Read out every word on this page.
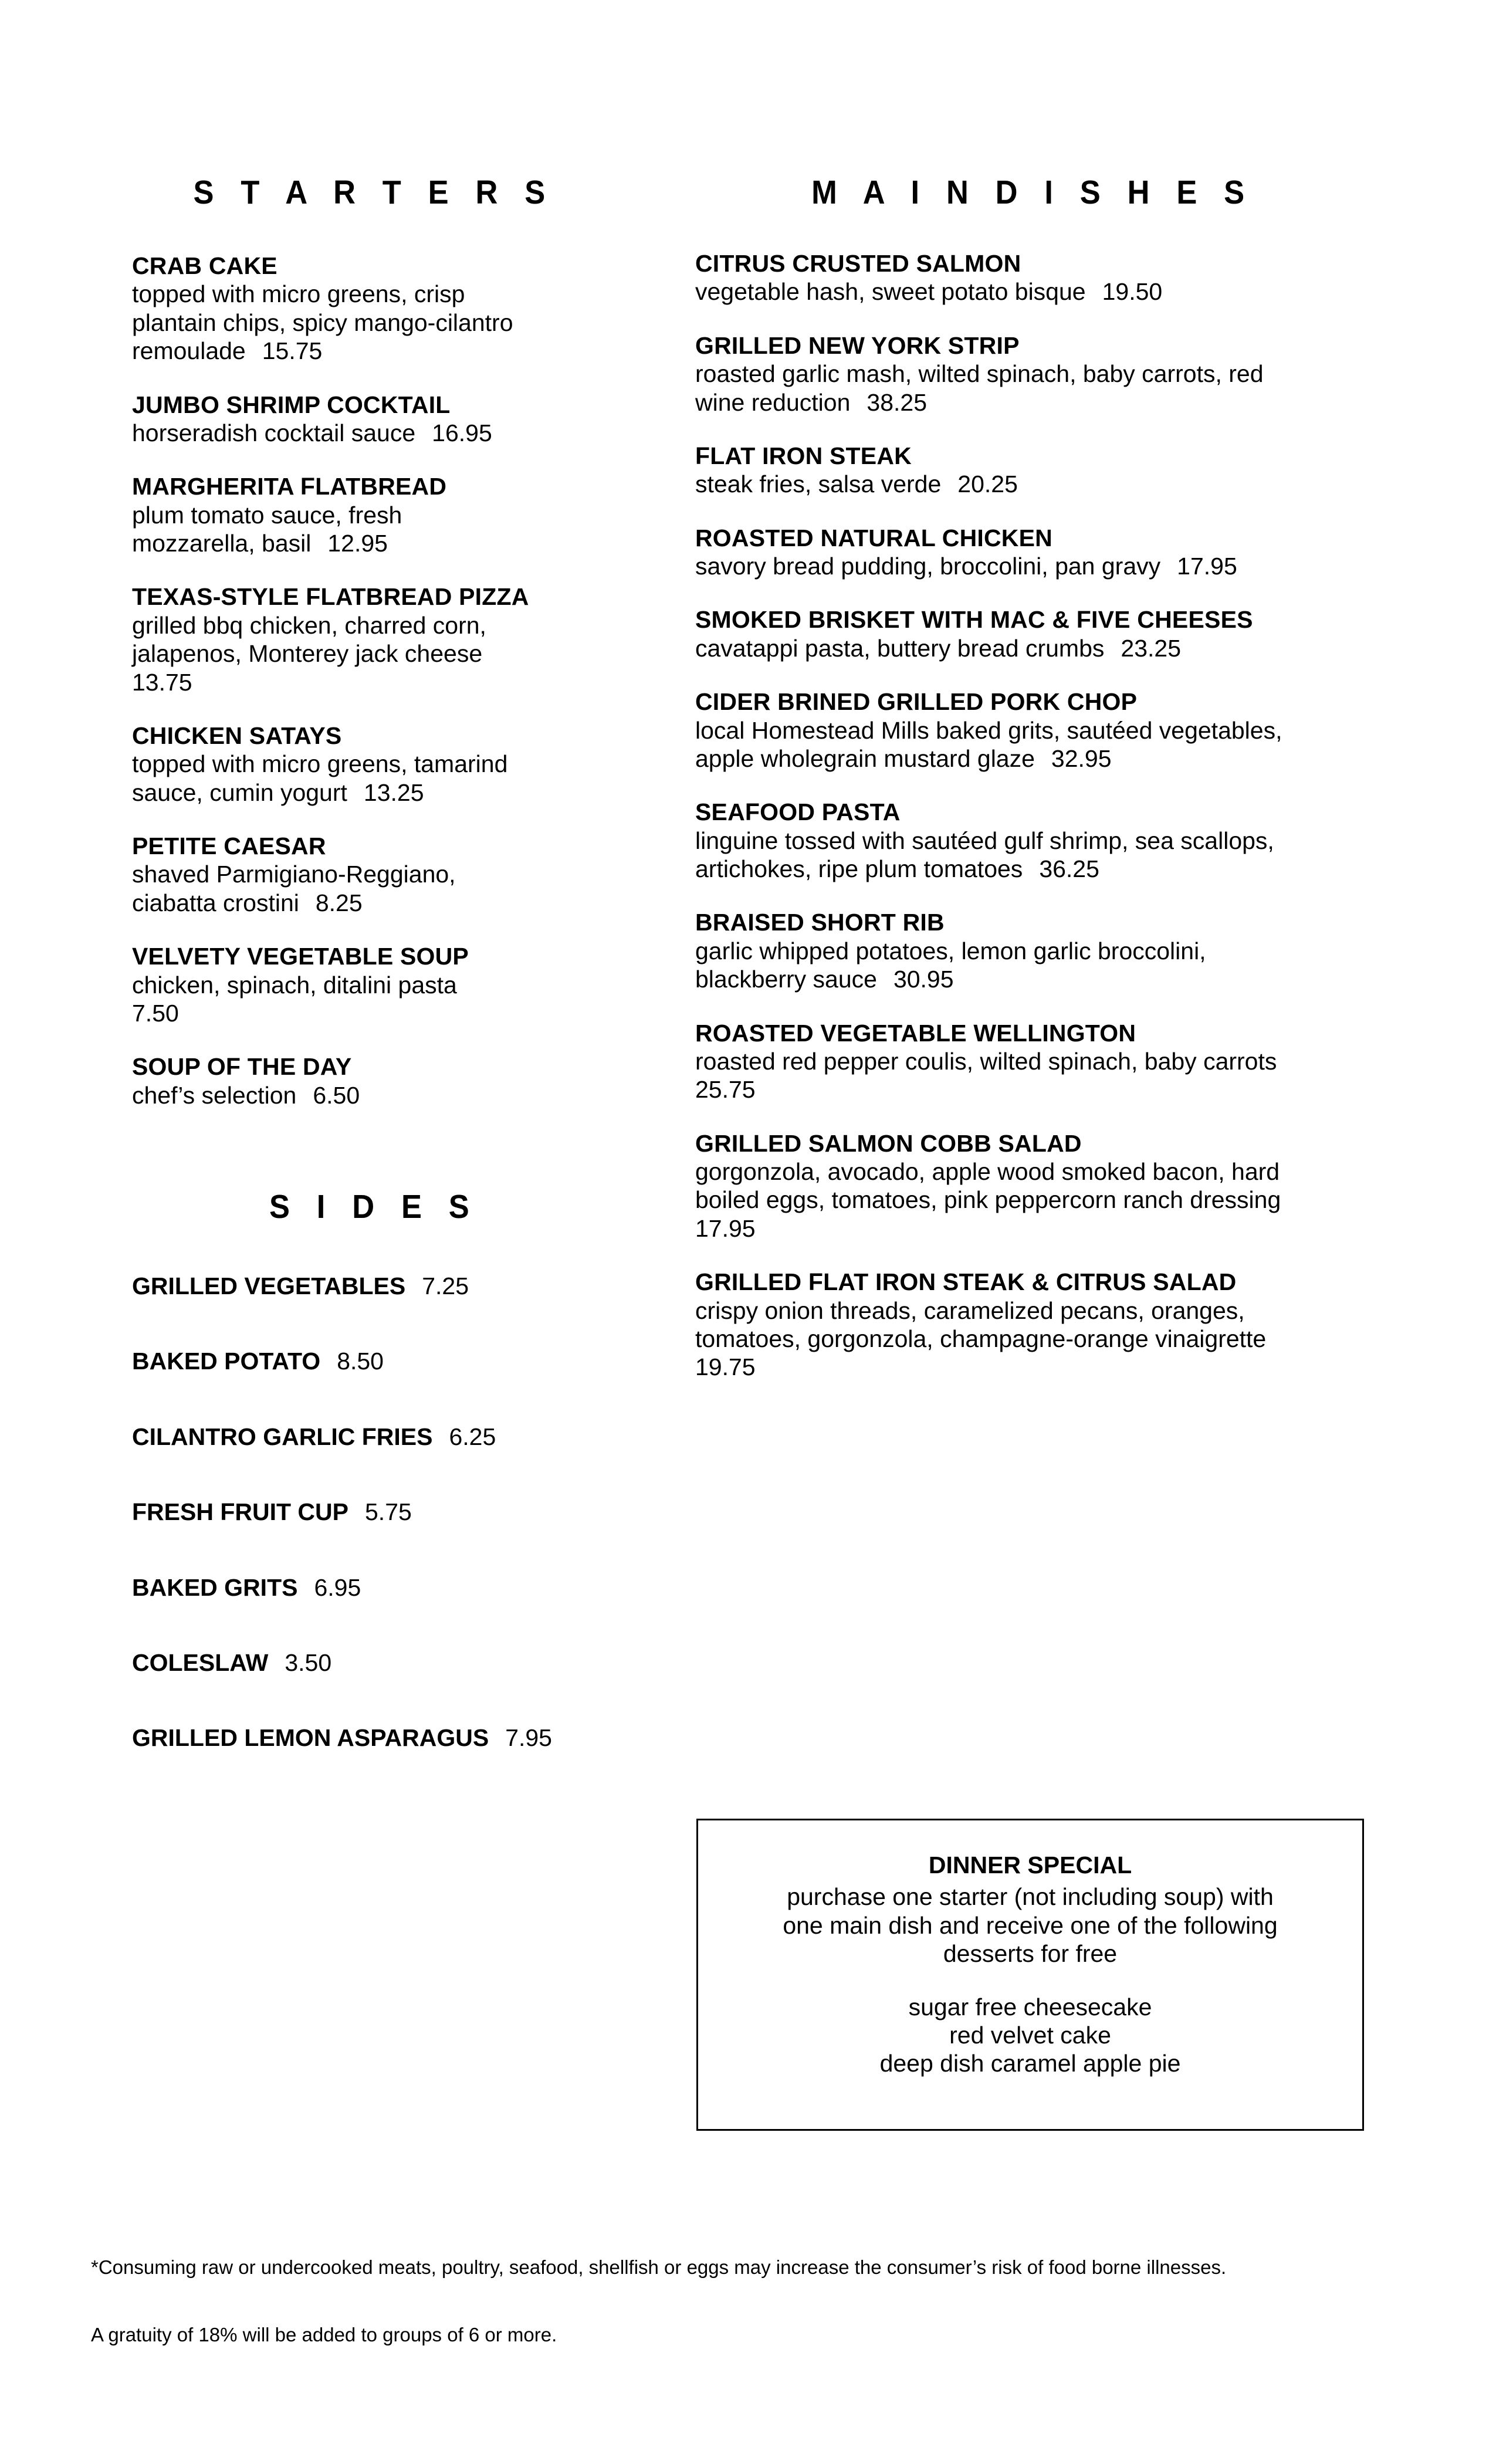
S T A R T E R S
CRAB CAKE
topped with micro greens, crisp
plantain chips, spicy mango-cilantro
remoulade 15.75
JUMBO SHRIMP COCKTAIL
horseradish cocktail sauce 16.95
MARGHERITA FLATBREAD
plum tomato sauce, fresh
mozzarella, basil 12.95
TEXAS-STYLE FLATBREAD PIZZA
grilled bbq chicken, charred corn,
jalapenos, Monterey jack cheese
13.75
CHICKEN SATAYS
topped with micro greens, tamarind
sauce, cumin yogurt 13.25
PETITE CAESAR
shaved Parmigiano-Reggiano,
ciabatta crostini 8.25
VELVETY VEGETABLE SOUP
chicken, spinach, ditalini pasta
7.50
SOUP OF THE DAY
chef’s selection 6.50
S I D E S
GRILLED VEGETABLES 7.25
BAKED POTATO 8.50
CILANTRO GARLIC FRIES 6.25
FRESH FRUIT CUP 5.75
BAKED GRITS 6.95
COLESLAW 3.50
GRILLED LEMON ASPARAGUS 7.95
M A I N D I S H E S
CITRUS CRUSTED SALMON
vegetable hash, sweet potato bisque 19.50
GRILLED NEW YORK STRIP
roasted garlic mash, wilted spinach, baby carrots, red
wine reduction 38.25
FLAT IRON STEAK
steak fries, salsa verde 20.25
ROASTED NATURAL CHICKEN
savory bread pudding, broccolini, pan gravy 17.95
SMOKED BRISKET WITH MAC & FIVE CHEESES
cavatappi pasta, buttery bread crumbs 23.25
CIDER BRINED GRILLED PORK CHOP
local Homestead Mills baked grits, sautéed vegetables,
apple wholegrain mustard glaze 32.95
SEAFOOD PASTA
linguine tossed with sautéed gulf shrimp, sea scallops,
artichokes, ripe plum tomatoes 36.25
BRAISED SHORT RIB
garlic whipped potatoes, lemon garlic broccolini,
blackberry sauce 30.95
ROASTED VEGETABLE WELLINGTON
roasted red pepper coulis, wilted spinach, baby carrots
25.75
GRILLED SALMON COBB SALAD
gorgonzola, avocado, apple wood smoked bacon, hard
boiled eggs, tomatoes, pink peppercorn ranch dressing
17.95
GRILLED FLAT IRON STEAK & CITRUS SALAD
crispy onion threads, caramelized pecans, oranges,
tomatoes, gorgonzola, champagne-orange vinaigrette
19.75
DINNER SPECIAL
purchase one starter (not including soup) with
one main dish and receive one of the following
desserts for free
sugar free cheesecake
red velvet cake
deep dish caramel apple pie

*Consuming raw or undercooked meats, poultry, seafood, shellfish or eggs may increase the consumer’s risk of food borne illnesses.

A gratuity of 18% will be added to groups of 6 or more.
